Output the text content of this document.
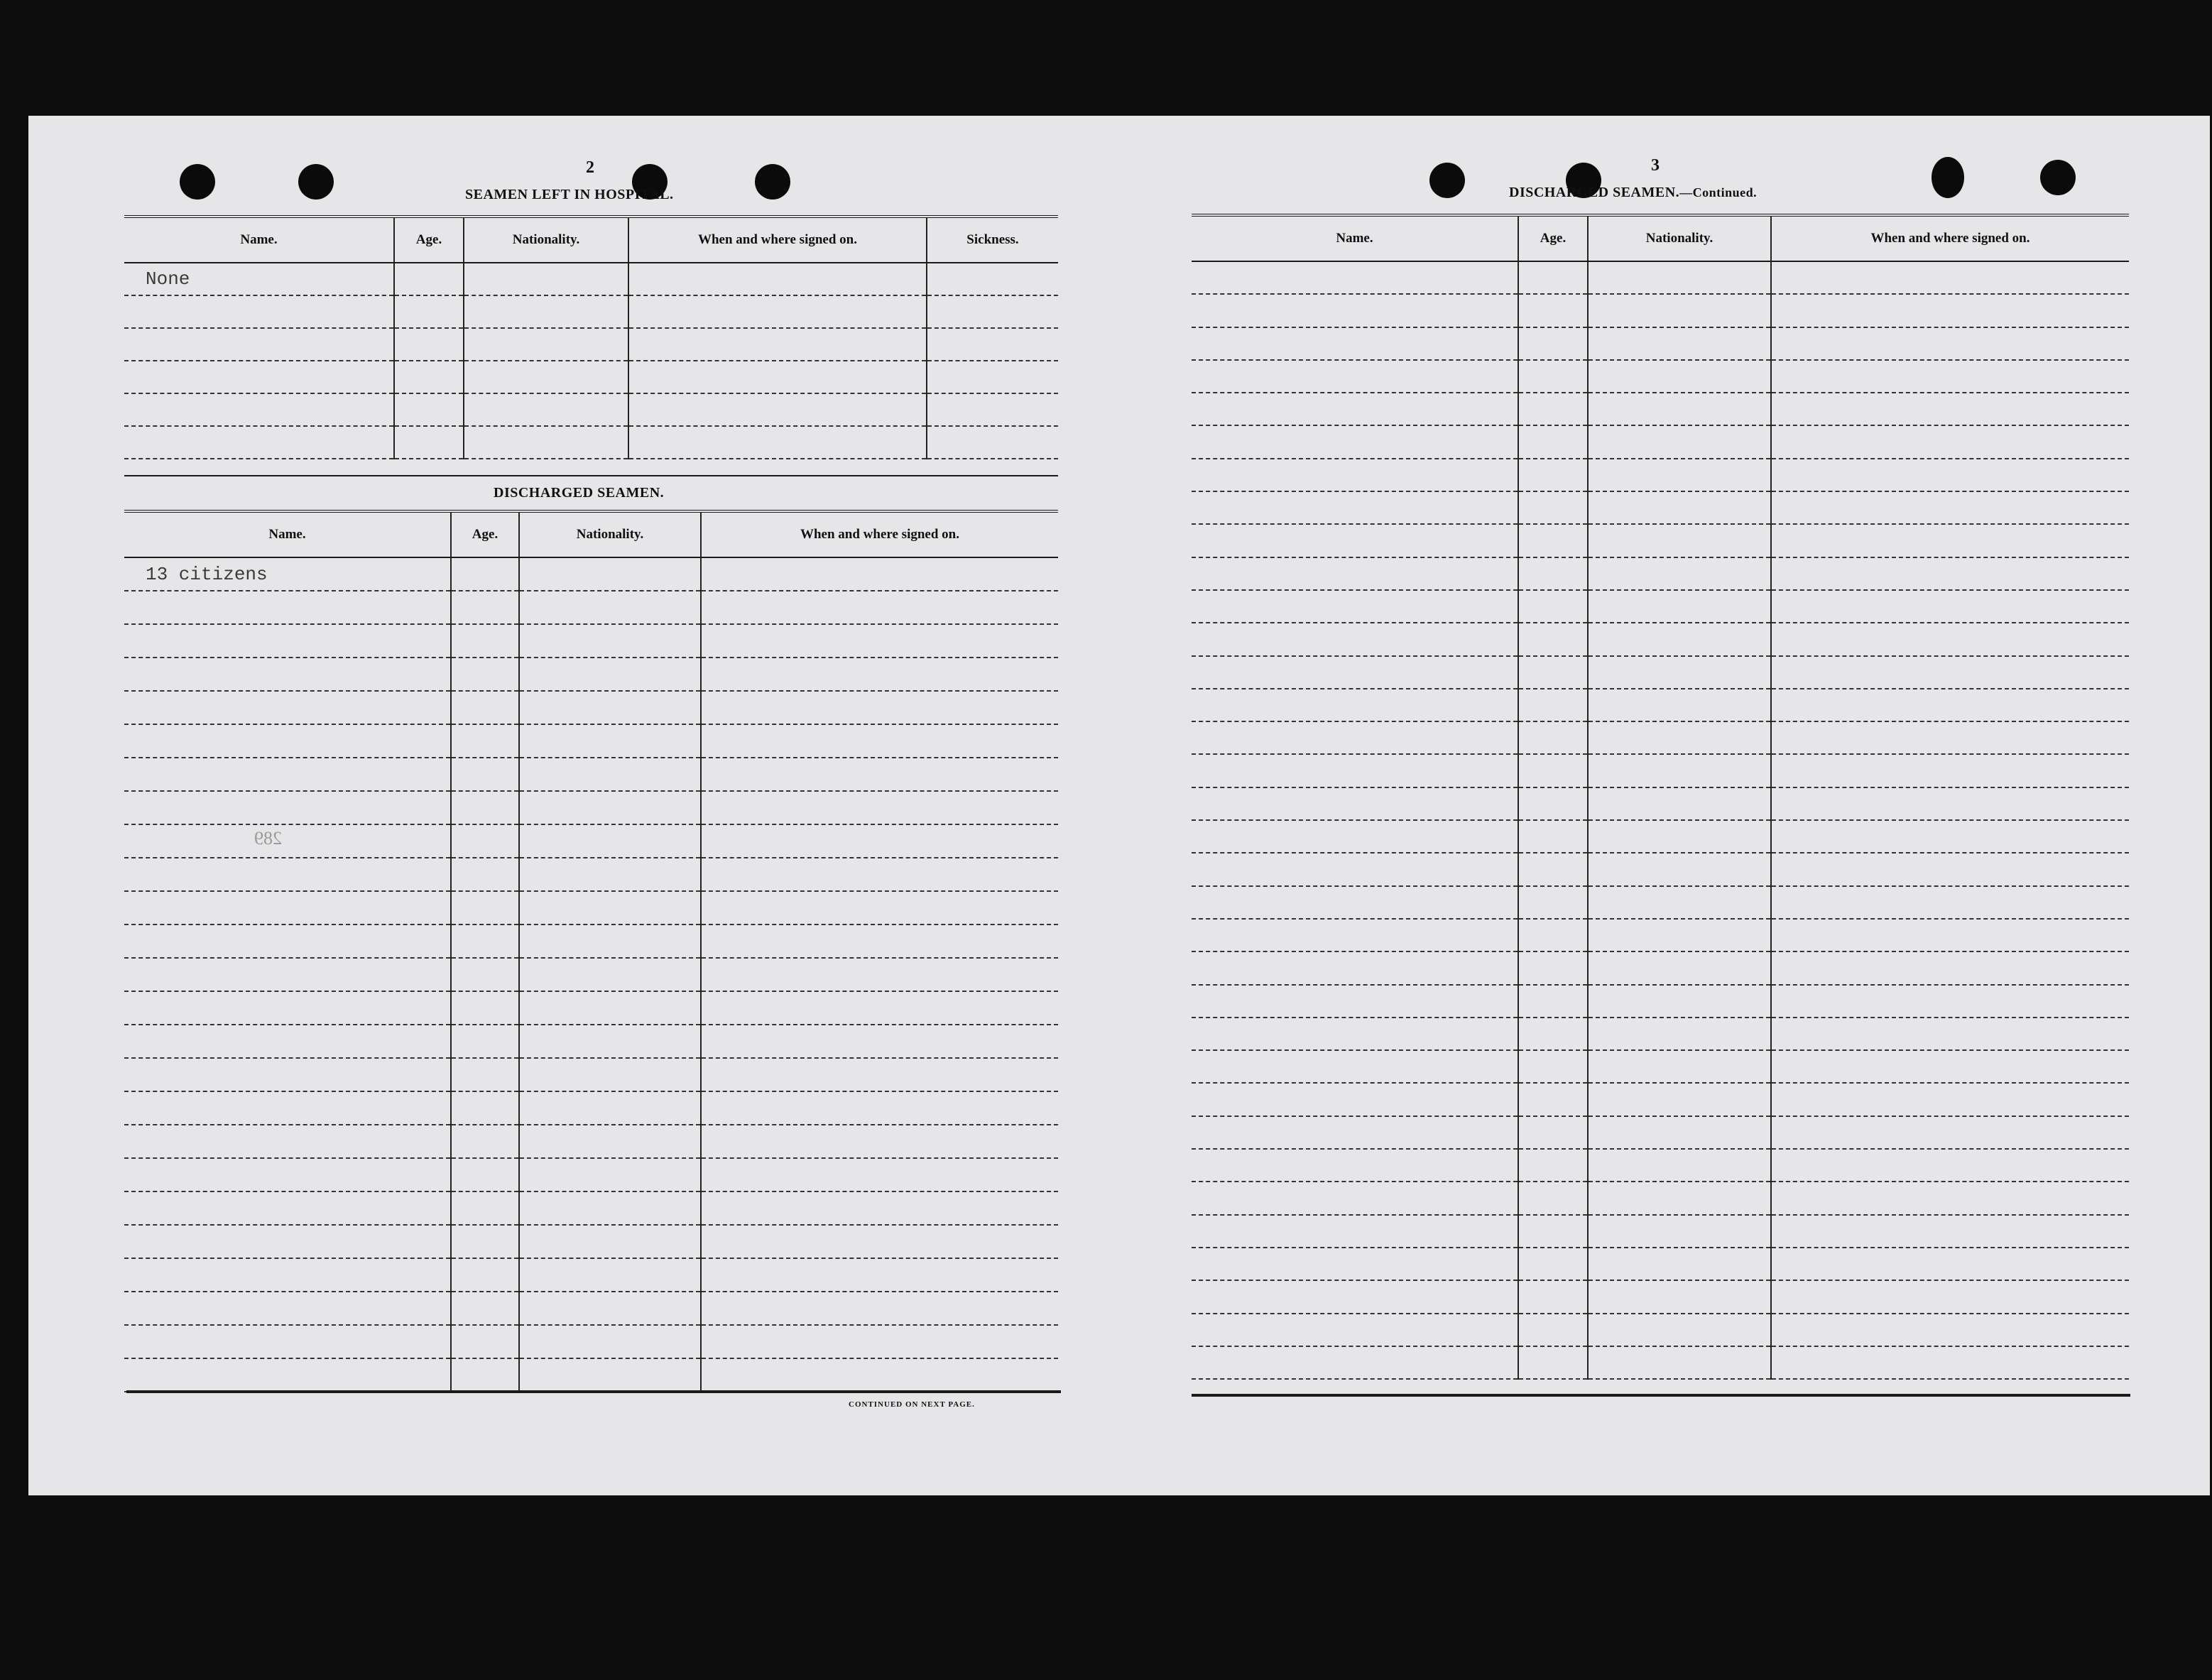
2
SEAMEN LEFT IN HOSPITAL.
Name.	Age.	Nationality.	When and where signed on.	Sickness.
None				

DISCHARGED SEAMEN.
Name.	Age.	Nationality.	When and where signed on.
13 citizens			

CONTINUED ON NEXT PAGE.
289
3
DISCHARGED SEAMEN.—Continued.
Name.	Age.	Nationality.	When and where signed on.
